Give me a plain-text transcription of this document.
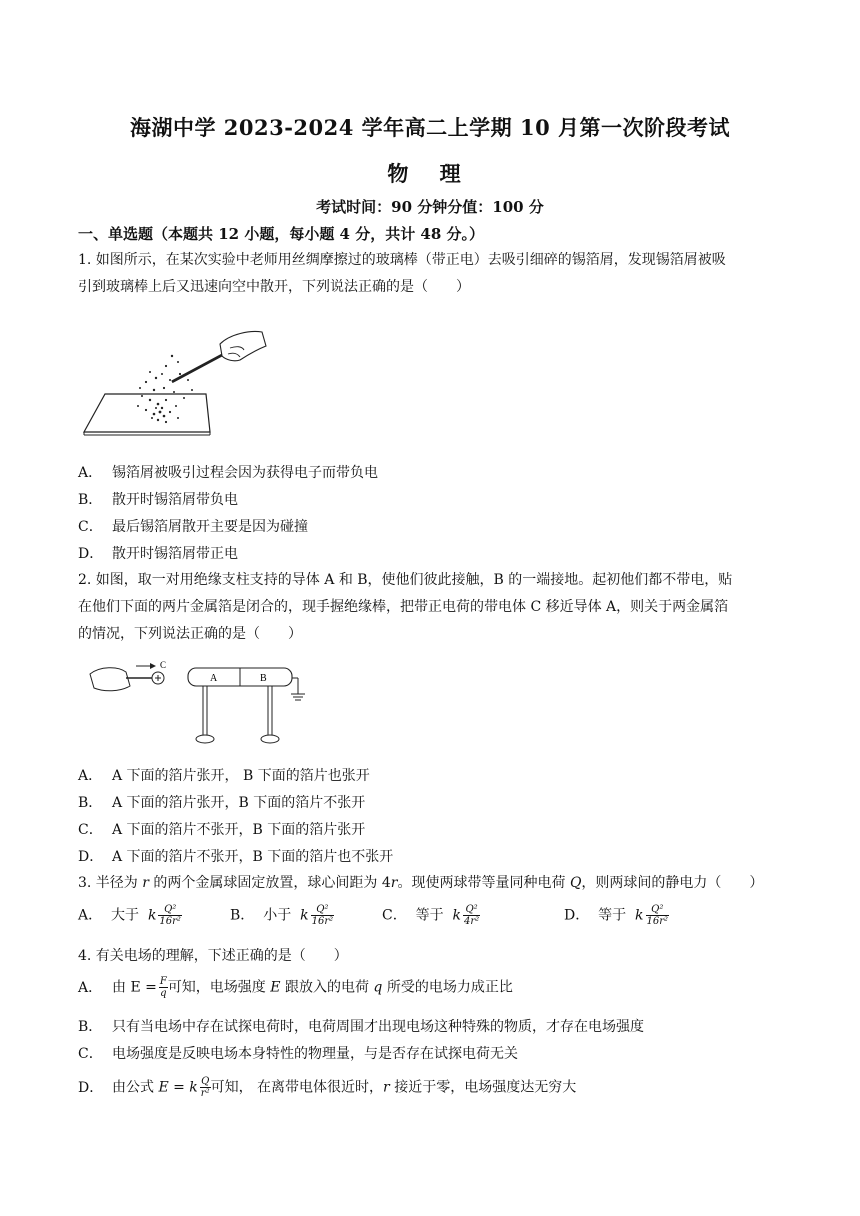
海湖中学 2023-2024 学年高二上学期 10 月第一次阶段考试
物 理
考试时间：90 分钟分值：100 分
一、单选题（本题共 12 小题，每小题 4 分，共计 48 分。）
1. 如图所示，在某次实验中老师用丝绸摩擦过的玻璃棒（带正电）去吸引细碎的锡箔屑，发现锡箔屑被吸
引到玻璃棒上后又迅速向空中散开，下列说法正确的是（　　）
A． 锡箔屑被吸引过程会因为获得电子而带负电
B． 散开时锡箔屑带负电
C． 最后锡箔屑散开主要是因为碰撞
D． 散开时锡箔屑带正电
2. 如图，取一对用绝缘支柱支持的导体 A 和 B，使他们彼此接触，B 的一端接地。起初他们都不带电，贴
在他们下面的两片金属箔是闭合的，现手握绝缘棒，把带正电荷的带电体 C 移近导体 A，则关于两金属箔
的情况，下列说法正确的是（　　）
C
A	B
A． A 下面的箔片张开， B 下面的箔片也张开
B． A 下面的箔片张开，B 下面的箔片不张开
C． A 下面的箔片不张开，B 下面的箔片张开
D． A 下面的箔片不张开，B 下面的箔片也不张开
3. 半径为 r 的两个金属球固定放置，球心间距为 4r。现使两球带等量同种电荷 Q，则两球间的静电力（　　）
A． 大于 k $\frac{\text{Q²}}{\text{16r²}}$	B． 小于 k $\frac{\text{Q²}}{\text{16r²}}$	C． 等于 k $\frac{\text{Q²}}{\text{4r²}}$	D． 等于 k $\frac{\text{Q²}}{\text{16r²}}$
4. 有关电场的理解，下述正确的是（　　）
A． 由 $E = \frac{F}{q}$ 可知，电场强度 E 跟放入的电荷 q 所受的电场力成正比
B． 只有当电场中存在试探电荷时，电荷周围才出现电场这种特殊的物质，才存在电场强度
C． 电场强度是反映电场本身特性的物理量，与是否存在试探电荷无关
D． 由公式 E = k $\frac{Q}{\text{r²}}$ 可知， 在离带电体很近时，r 接近于零，电场强度达无穷大
